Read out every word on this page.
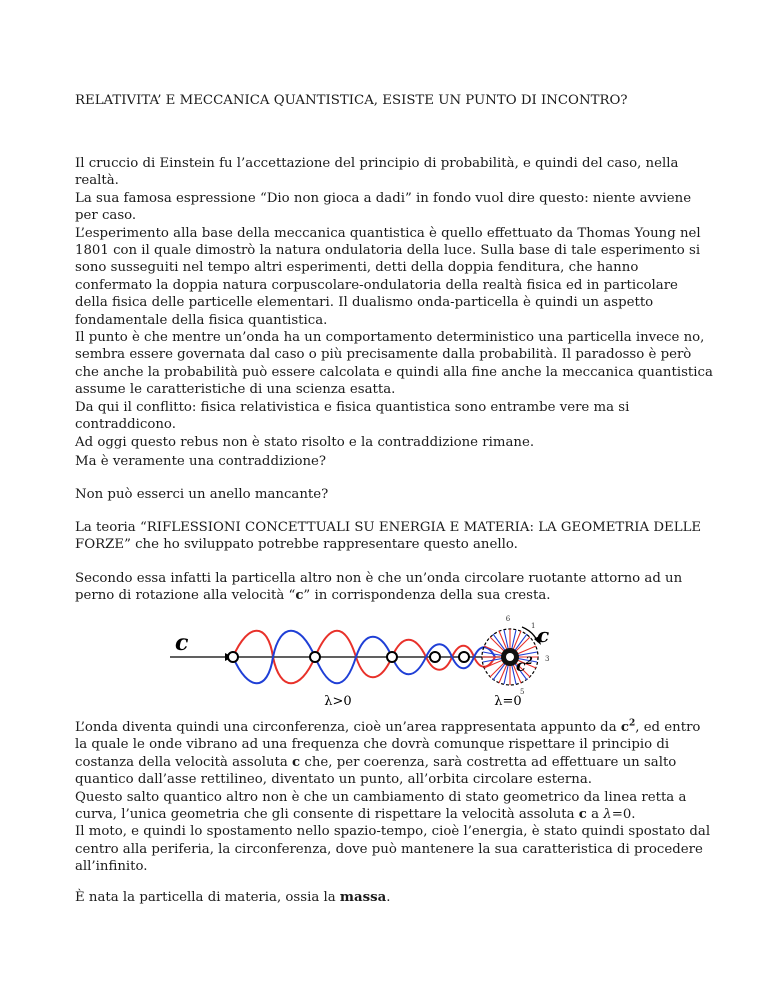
RELATIVITA’ E MECCANICA QUANTISTICA, ESISTE UN PUNTO DI INCONTRO?

Il cruccio di Einstein fu l’accettazione del principio di probabilità, e quindi del caso, nella
realtà.
La sua famosa espressione “Dio non gioca a dadi” in fondo vuol dire questo: niente avviene
per caso.
L’esperimento alla base della meccanica quantistica è quello effettuato da Thomas Young nel
1801 con il quale dimostrò la natura ondulatoria della luce. Sulla base di tale esperimento si
sono susseguiti nel tempo altri esperimenti, detti della doppia fenditura, che hanno
confermato la doppia natura corpuscolare-ondulatoria della realtà fisica ed in particolare
della fisica delle particelle elementari. Il dualismo onda-particella è quindi un aspetto
fondamentale della fisica quantistica.
Il punto è che mentre un’onda ha un comportamento deterministico una particella invece no,
sembra essere governata dal caso o più precisamente dalla probabilità. Il paradosso è però
che anche la probabilità può essere calcolata e quindi alla fine anche la meccanica quantistica
assume le caratteristiche di una scienza esatta.
Da qui il conflitto: fisica relativistica e fisica quantistica sono entrambe vere ma si
contraddicono.
Ad oggi questo rebus non è stato risolto e la contraddizione rimane.

Ma è veramente una contraddizione?

Non può esserci un anello mancante?

La teoria “RIFLESSIONI CONCETTUALI SU ENERGIA E MATERIA: LA GEOMETRIA DELLE
FORZE” che ho sviluppato potrebbe rappresentare questo anello.

Secondo essa infatti la particella altro non è che un’onda circolare ruotante attorno ad un
perno di rotazione alla velocità “c” in corrispondenza della sua cresta.

6
1
3
5
c	c
$c^2$
λ>0	λ=0

L’onda diventa quindi una circonferenza, cioè un’area rappresentata appunto da $c^2$, ed entro
la quale le onde vibrano ad una frequenza che dovrà comunque rispettare il principio di
costanza della velocità assoluta c che, per coerenza, sarà costretta ad effettuare un salto
quantico dall’asse rettilineo, diventato un punto, all’orbita circolare esterna.
Questo salto quantico altro non è che un cambiamento di stato geometrico da linea retta a
curva, l’unica geometria che gli consente di rispettare la velocità assoluta c a λ=0.
Il moto, e quindi lo spostamento nello spazio-tempo, cioè l’energia, è stato quindi spostato dal
centro alla periferia, la circonferenza, dove può mantenere la sua caratteristica di procedere
all’infinito.

È nata la particella di materia, ossia la massa.
